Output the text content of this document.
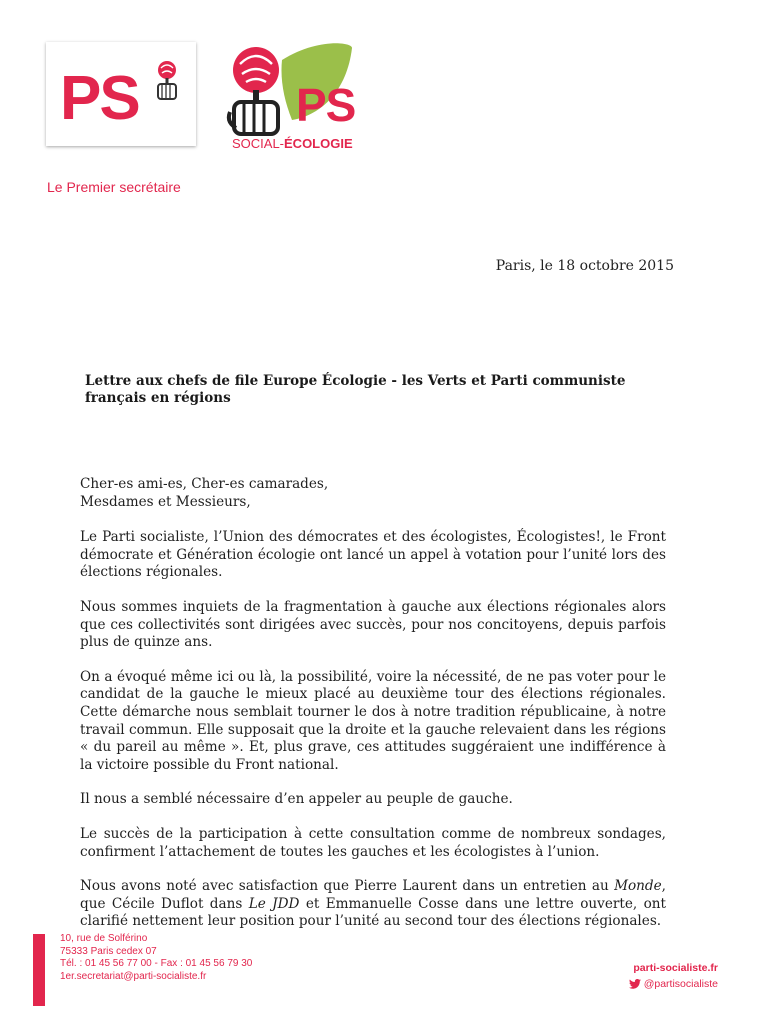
PS	PS
SOCIAL-ÉCOLOGIE
Le Premier secrétaire
Paris, le 18 octobre 2015
Lettre aux chefs de file Europe Écologie - les Verts et Parti communiste français en régions

Cher-es ami-es, Cher-es camarades,
Mesdames et Messieurs,

Le Parti socialiste, l’Union des démocrates et des écologistes, Écologistes!, le Front démocrate et Génération écologie ont lancé un appel à votation pour l’unité lors des élections régionales.

Nous sommes inquiets de la fragmentation à gauche aux élections régionales alors que ces collectivités sont dirigées avec succès, pour nos concitoyens, depuis parfois plus de quinze ans.

On a évoqué même ici ou là, la possibilité, voire la nécessité, de ne pas voter pour le candidat de la gauche le mieux placé au deuxième tour des élections régionales. Cette démarche nous semblait tourner le dos à notre tradition républicaine, à notre travail commun. Elle supposait que la droite et la gauche relevaient dans les régions « du pareil au même ». Et, plus grave, ces attitudes suggéraient une indifférence à la victoire possible du Front national.

Il nous a semblé nécessaire d’en appeler au peuple de gauche.

Le succès de la participation à cette consultation comme de nombreux sondages, confirment l’attachement de toutes les gauches et les écologistes à l’union.

Nous avons noté avec satisfaction que Pierre Laurent dans un entretien au Monde, que Cécile Duflot dans Le JDD et Emmanuelle Cosse dans une lettre ouverte, ont clarifié nettement leur position pour l’unité au second tour des élections régionales.

10, rue de Solférino
75333 Paris cedex 07
Tél. : 01 45 56 77 00 - Fax : 01 45 56 79 30
1er.secretariat@parti-socialiste.fr
parti-socialiste.fr
@partisocialiste
